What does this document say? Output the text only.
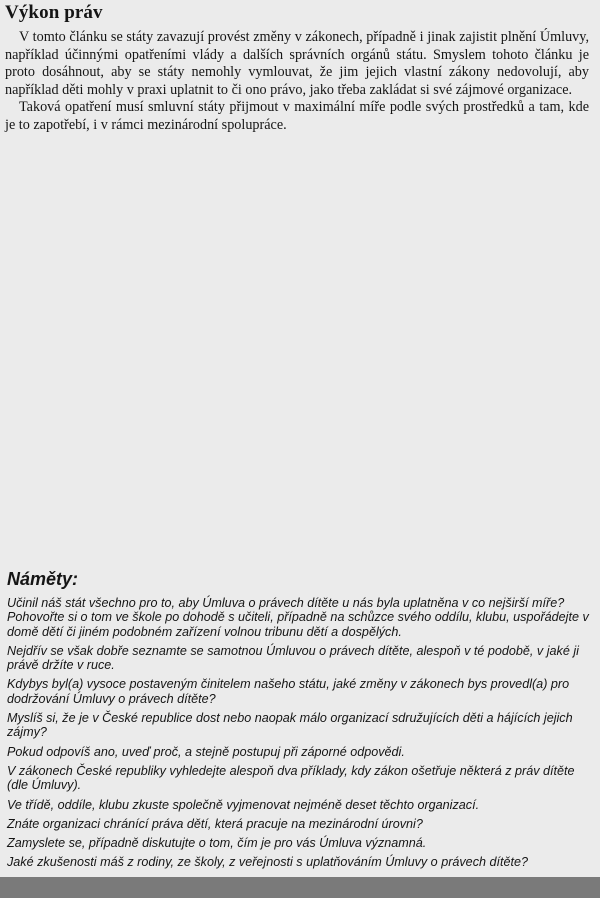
Výkon práv

V tomto článku se státy zavazují provést změny v zákonech, případně i jinak zajistit plnění Úmluvy, například účinnými opatřeními vlády a dalších správních orgánů státu. Smyslem tohoto článku je proto dosáhnout, aby se státy nemohly vymlouvat, že jim jejich vlastní zákony nedovolují, aby například děti mohly v praxi uplatnit to či ono právo, jako třeba zakládat si své zájmové organizace.

Taková opatření musí smluvní státy přijmout v maximální míře podle svých prostředků a tam, kde je to zapotřebí, i v rámci mezinárodní spolupráce.

Náměty:
Učinil náš stát všechno pro to, aby Úmluva o právech dítěte u nás byla uplatněna v co nejširší míře? Pohovořte si o tom ve škole po dohodě s učiteli, případně na schůzce svého oddílu, klubu, uspořádejte v domě dětí či jiném podobném zařízení volnou tribunu dětí a dospělých.
Nejdřív se však dobře seznamte se samotnou Úmluvou o právech dítěte, alespoň v té podobě, v jaké ji právě držíte v ruce.
Kdybys byl(a) vysoce postaveným činitelem našeho státu, jaké změny v zákonech bys provedl(a) pro dodržování Úmluvy o právech dítěte?
Myslíš si, že je v České republice dost nebo naopak málo organizací sdružujících děti a hájících jejich zájmy?
Pokud odpovíš ano, uveď proč, a stejně postupuj při záporné odpovědi.
V zákonech České republiky vyhledejte alespoň dva příklady, kdy zákon ošetřuje některá z práv dítěte (dle Úmluvy).
Ve třídě, oddíle, klubu zkuste společně vyjmenovat nejméně deset těchto organizací.
Znáte organizaci chránící práva dětí, která pracuje na mezinárodní úrovni?
Zamyslete se, případně diskutujte o tom, čím je pro vás Úmluva významná.
Jaké zkušenosti máš z rodiny, ze školy, z veřejnosti s uplatňováním Úmluvy o právech dítěte?
